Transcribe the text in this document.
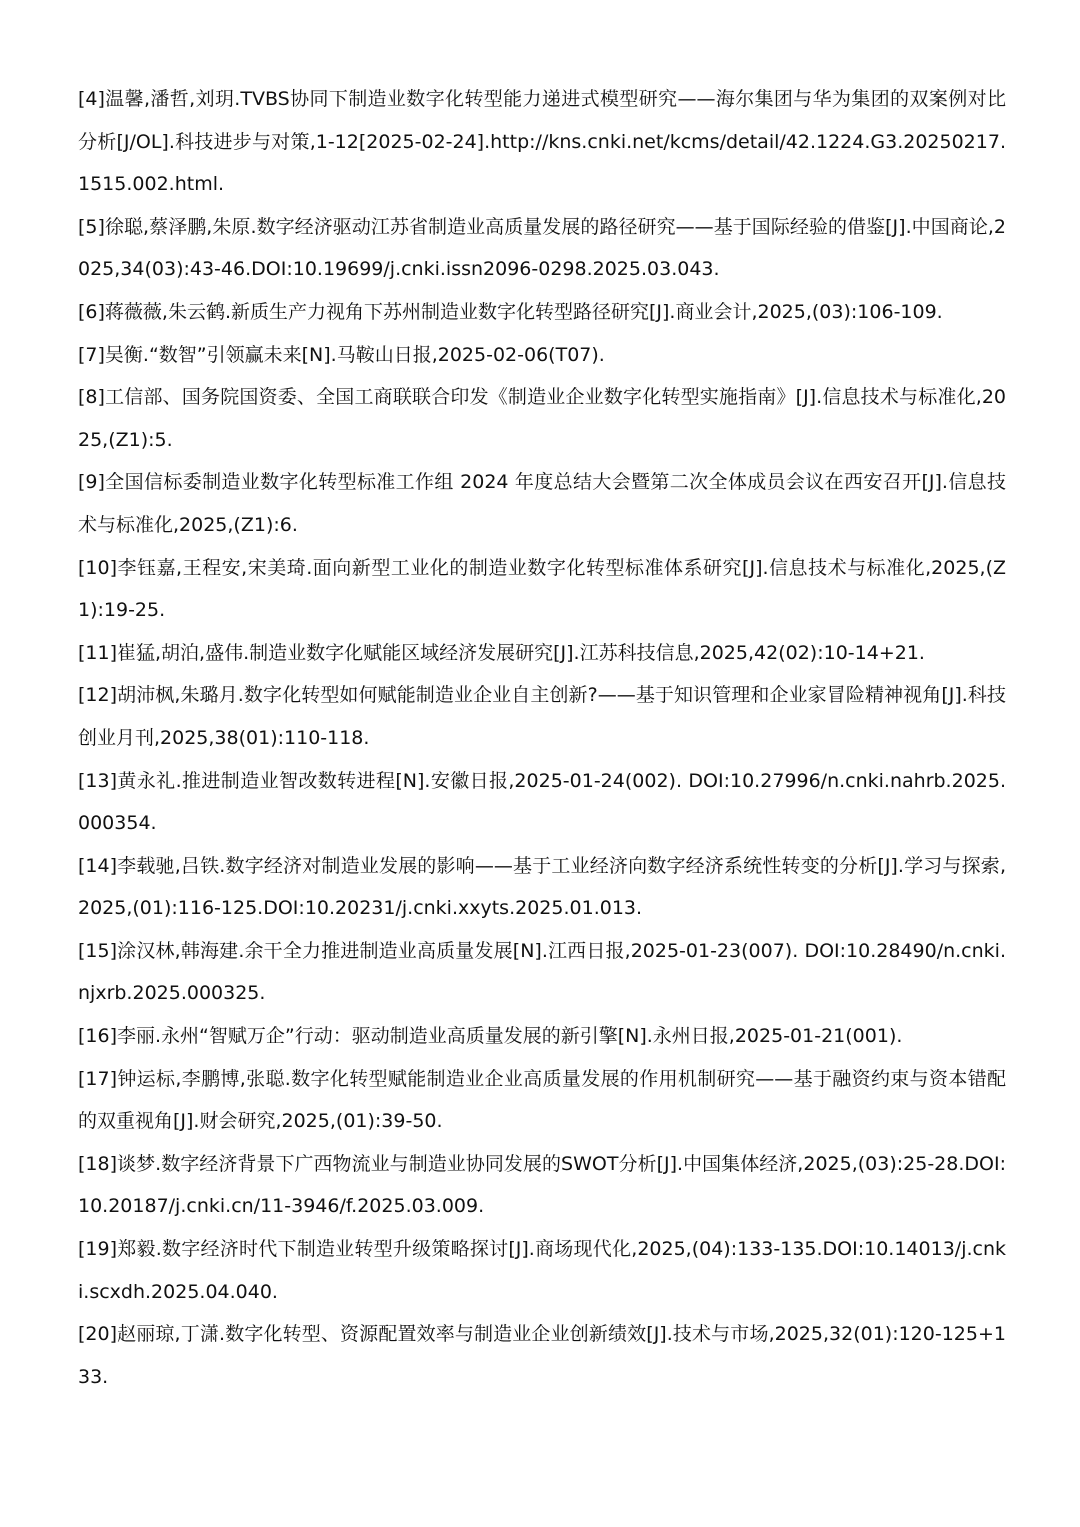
[4]温馨,潘哲,刘玥.TVBS协同下制造业数字化转型能力递进式模型研究——海尔集团与华为集团的双案例对比分析[J/OL].科技进步与对策,1-12[2025-02-24].http://kns.cnki.net/kcms/detail/42.1224.G3.20250217.1515.002.html.
[5]徐聪,蔡泽鹏,朱原.数字经济驱动江苏省制造业高质量发展的路径研究——基于国际经验的借鉴[J].中国商论,2025,34(03):43-46.DOI:10.19699/j.cnki.issn2096-0298.2025.03.043.
[6]蒋薇薇,朱云鹤.新质生产力视角下苏州制造业数字化转型路径研究[J].商业会计,2025,(03):106-109.
[7]吴衡.“数智”引领赢未来[N].马鞍山日报,2025-02-06(T07).
[8]工信部、国务院国资委、全国工商联联合印发《制造业企业数字化转型实施指南》[J].信息技术与标准化,2025,(Z1):5.
[9]全国信标委制造业数字化转型标准工作组 2024 年度总结大会暨第二次全体成员会议在西安召开[J].信息技术与标准化,2025,(Z1):6.
[10]李钰嘉,王程安,宋美琦.面向新型工业化的制造业数字化转型标准体系研究[J].信息技术与标准化,2025,(Z1):19-25.
[11]崔猛,胡泊,盛伟.制造业数字化赋能区域经济发展研究[J].江苏科技信息,2025,42(02):10-14+21.
[12]胡沛枫,朱璐月.数字化转型如何赋能制造业企业自主创新?——基于知识管理和企业家冒险精神视角[J].科技创业月刊,2025,38(01):110-118.
[13]黄永礼.推进制造业智改数转进程[N].安徽日报,2025-01-24(002). DOI:10.27996/n.cnki.nahrb.2025.000354.
[14]李载驰,吕铁.数字经济对制造业发展的影响——基于工业经济向数字经济系统性转变的分析[J].学习与探索,2025,(01):116-125.DOI:10.20231/j.cnki.xxyts.2025.01.013.
[15]涂汉林,韩海建.余干全力推进制造业高质量发展[N].江西日报,2025-01-23(007). DOI:10.28490/n.cnki.njxrb.2025.000325.
[16]李丽.永州“智赋万企”行动：驱动制造业高质量发展的新引擎[N].永州日报,2025-01-21(001).
[17]钟运标,李鹏博,张聪.数字化转型赋能制造业企业高质量发展的作用机制研究——基于融资约束与资本错配的双重视角[J].财会研究,2025,(01):39-50.
[18]谈梦.数字经济背景下广西物流业与制造业协同发展的SWOT分析[J].中国集体经济,2025,(03):25-28.DOI:10.20187/j.cnki.cn/11-3946/f.2025.03.009.
[19]郑毅.数字经济时代下制造业转型升级策略探讨[J].商场现代化,2025,(04):133-135.DOI:10.14013/j.cnki.scxdh.2025.04.040.
[20]赵丽琼,丁潇.数字化转型、资源配置效率与制造业企业创新绩效[J].技术与市场,2025,32(01):120-125+133.
